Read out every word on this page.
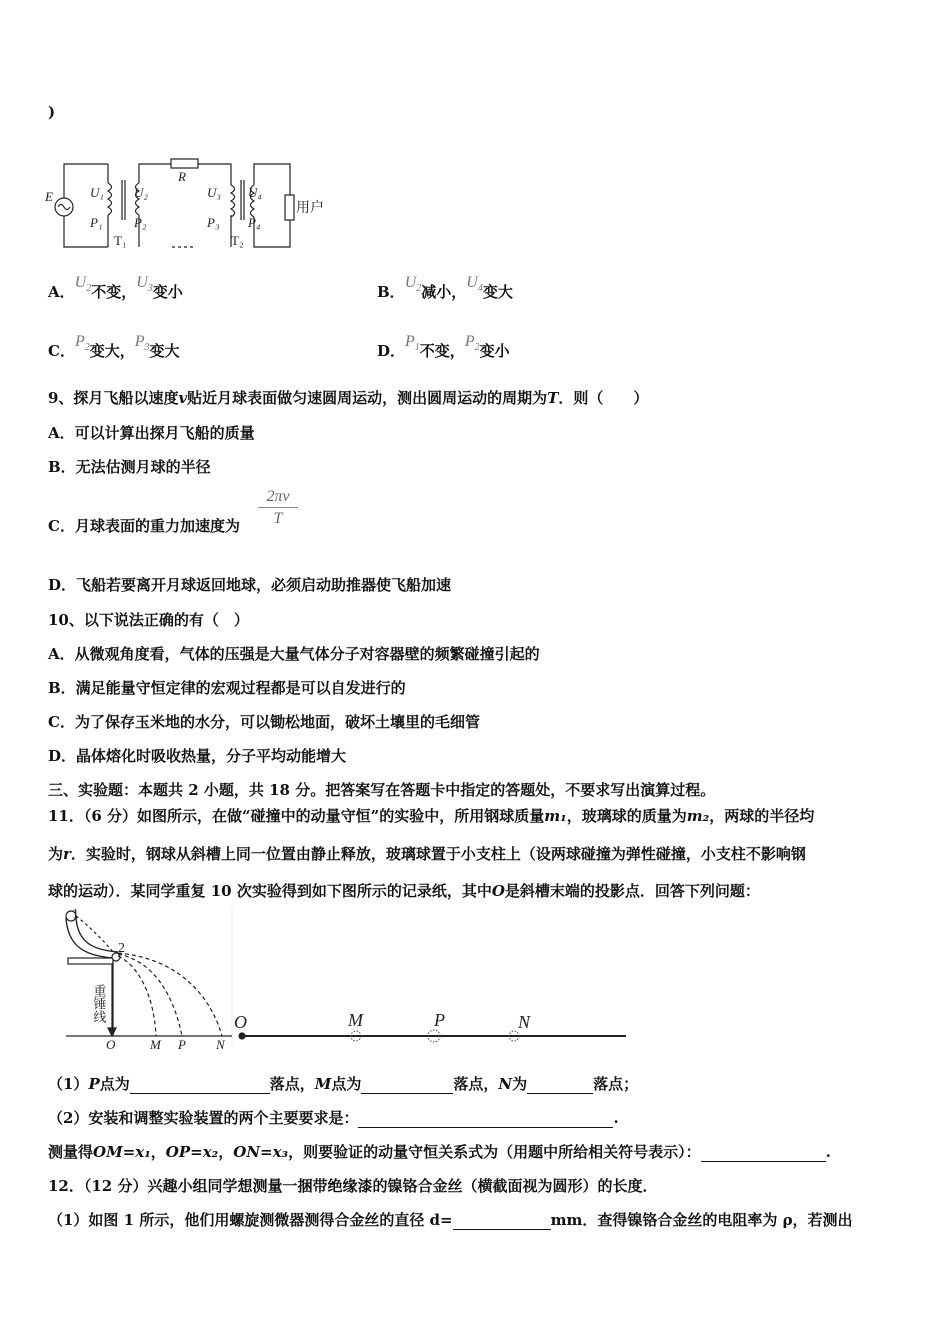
)
E
R
U₁
P₁
U₂
P₂
U₃
P₃
U₄
P₄
T₁	T₂
用户
A．$U_2$不变，$U_3$变小	B．$U_2$减小，$U_4$变大
C．$P_2$变大，$P_3$变大	D．$P_1$不变，$P_2$变小
9、探月飞船以速度v贴近月球表面做匀速圆周运动，测出圆周运动的周期为T．则（　　）
A．可以计算出探月飞船的质量
B．无法估测月球的半径
C．月球表面的重力加速度为 $\frac{2\pi v}{T}$
D．飞船若要离开月球返回地球，必须启动助推器使飞船加速
10、以下说法正确的有（　）
A．从微观角度看，气体的压强是大量气体分子对容器壁的频繁碰撞引起的
B．满足能量守恒定律的宏观过程都是可以自发进行的
C．为了保存玉米地的水分，可以锄松地面，破坏土壤里的毛细管
D．晶体熔化时吸收热量，分子平均动能增大
三、实验题：本题共 2 小题，共 18 分。把答案写在答题卡中指定的答题处，不要求写出演算过程。
11．（6 分）如图所示，在做“碰撞中的动量守恒”的实验中，所用钢球质量m₁，玻璃球的质量为m₂，两球的半径均
为r．实验时，钢球从斜槽上同一位置由静止释放，玻璃球置于小支柱上（设两球碰撞为弹性碰撞，小支柱不影响钢
球的运动）．某同学重复 10 次实验得到如下图所示的记录纸，其中O是斜槽末端的投影点．回答下列问题：
1
2
重锤线
O	M P N
O	M	P	N
（1）P点为	落点，M点为	落点，N为	落点；
（2）安装和调整实验装置的两个主要要求是：	.
测量得OM=x₁，OP=x₂，ON=x₃，则要验证的动量守恒关系式为（用题中所给相关符号表示）：	.
12．（12 分）兴趣小组同学想测量一捆带绝缘漆的镍铬合金丝（横截面视为圆形）的长度．
（1）如图 1 所示，他们用螺旋测微器测得合金丝的直径 d=	mm．查得镍铬合金丝的电阻率为 ρ，若测出
